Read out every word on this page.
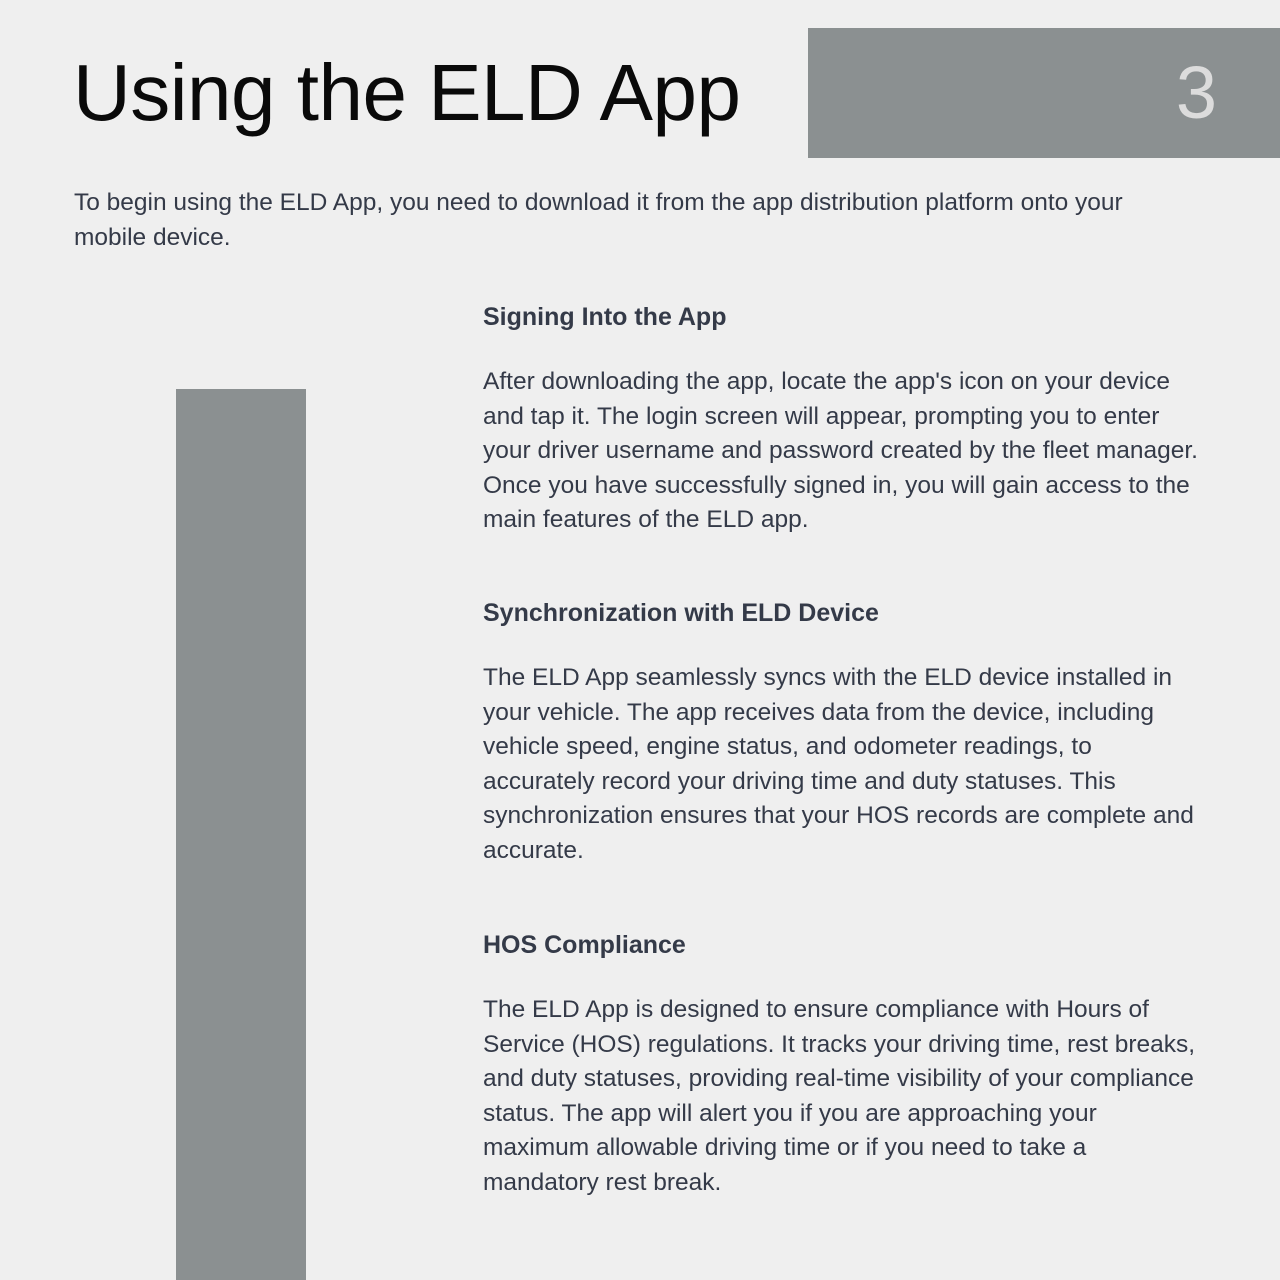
Using the ELD App	3

To begin using the ELD App, you need to download it from the app distribution platform onto your mobile device.

Signing Into the App

After downloading the app, locate the app's icon on your device and tap it. The login screen will appear, prompting you to enter your driver username and password created by the fleet manager. Once you have successfully signed in, you will gain access to the main features of the ELD app.

Synchronization with ELD Device

The ELD App seamlessly syncs with the ELD device installed in your vehicle. The app receives data from the device, including vehicle speed, engine status, and odometer readings, to accurately record your driving time and duty statuses. This synchronization ensures that your HOS records are complete and accurate.

HOS Compliance

The ELD App is designed to ensure compliance with Hours of Service (HOS) regulations. It tracks your driving time, rest breaks, and duty statuses, providing real-time visibility of your compliance status. The app will alert you if you are approaching your maximum allowable driving time or if you need to take a mandatory rest break.
